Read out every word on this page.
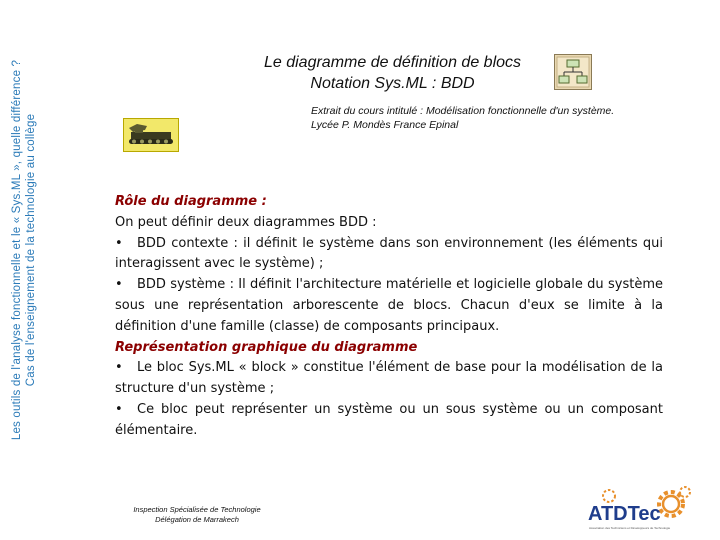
Les outils de l'analyse fonctionnelle et le « Sys.ML », quelle différence ? Cas de l'enseignement de la technologie au collège
Le diagramme de définition de blocs
Notation Sys.ML : BDD
Extrait du cours intitulé : Modélisation fonctionnelle d'un système.
Lycée P. Mondès France Epinal

Rôle du diagramme :

On peut définir deux diagrammes BDD :

• BDD contexte : il définit le système dans son environnement (les éléments qui interagissent avec le système) ;

• BDD système : Il définit l'architecture matérielle et logicielle globale du système sous une représentation arborescente de blocs. Chacun d'eux se limite à la définition d'une famille (classe) de composants principaux.

Représentation graphique du diagramme

• Le bloc Sys.ML « block » constitue l'élément de base pour la modélisation de la structure d'un système ;

• Ce bloc peut représenter un système ou un sous système ou un composant élémentaire.

Inspection Spécialisée de Technologie
Délégation de Marrakech	ATDTec
Association des Techniciens et Développeurs de Technologie
